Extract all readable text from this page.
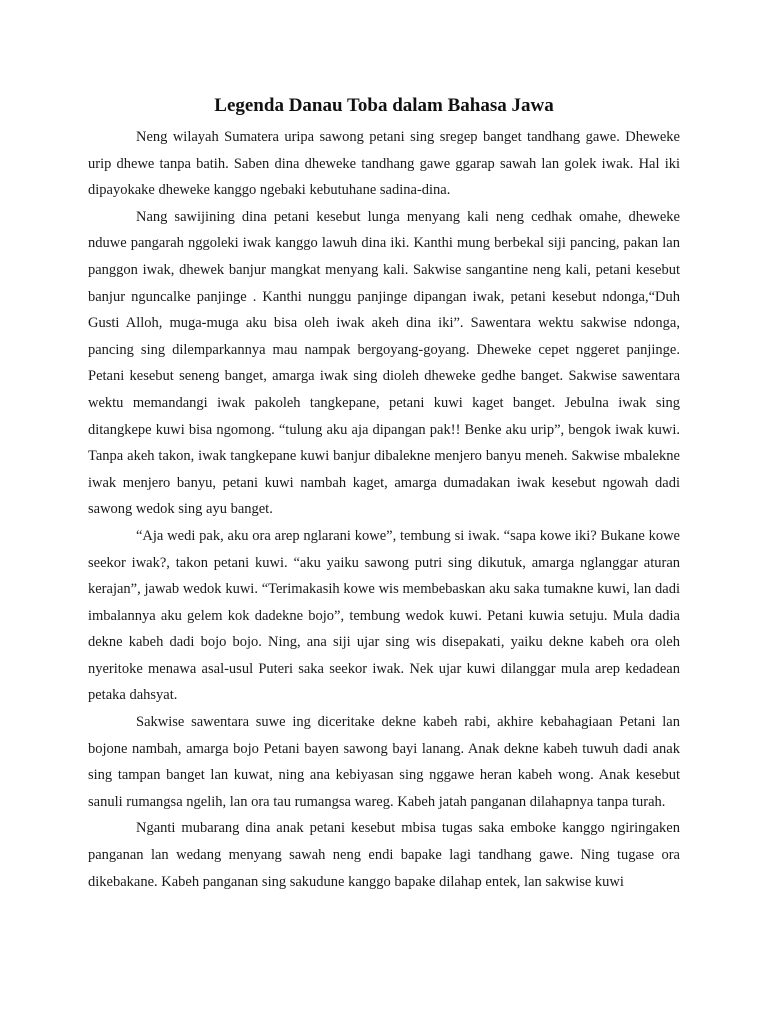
Legenda Danau Toba dalam Bahasa Jawa

Neng wilayah Sumatera uripa sawong petani sing sregep banget tandhang gawe. Dheweke urip dhewe tanpa batih. Saben dina dheweke tandhang gawe ggarap sawah lan golek iwak. Hal iki dipayokake dheweke kanggo ngebaki kebutuhane sadina-dina.

Nang sawijining dina petani kesebut lunga menyang kali neng cedhak omahe, dheweke nduwe pangarah nggoleki iwak kanggo lawuh dina iki. Kanthi mung berbekal siji pancing, pakan lan panggon iwak, dhewek banjur mangkat menyang kali. Sakwise sangantine neng kali, petani kesebut banjur nguncalke panjinge . Kanthi nunggu panjinge dipangan iwak, petani kesebut ndonga,“Duh Gusti Alloh, muga-muga aku bisa oleh iwak akeh dina iki”. Sawentara wektu sakwise ndonga, pancing sing dilemparkannya mau nampak bergoyang-goyang. Dheweke cepet nggeret panjinge. Petani kesebut seneng banget, amarga iwak sing dioleh dheweke gedhe banget. Sakwise sawentara wektu memandangi iwak pakoleh tangkepane, petani kuwi kaget banget. Jebulna iwak sing ditangkepe kuwi bisa ngomong. “tulung aku aja dipangan pak!! Benke aku urip”, bengok iwak kuwi. Tanpa akeh takon, iwak tangkepane kuwi banjur dibalekne menjero banyu meneh. Sakwise mbalekne iwak menjero banyu, petani kuwi nambah kaget, amarga dumadakan iwak kesebut ngowah dadi sawong wedok sing ayu banget.

“Aja wedi pak, aku ora arep nglarani kowe”, tembung si iwak. “sapa kowe iki? Bukane kowe seekor iwak?, takon petani kuwi. “aku yaiku sawong putri sing dikutuk, amarga nglanggar aturan kerajan”, jawab wedok kuwi. “Terimakasih kowe wis membebaskan aku saka tumakne kuwi, lan dadi imbalannya aku gelem kok dadekne bojo”, tembung wedok kuwi. Petani kuwia setuju. Mula dadia dekne kabeh dadi bojo bojo. Ning, ana siji ujar sing wis disepakati, yaiku dekne kabeh ora oleh nyeritoke menawa asal-usul Puteri saka seekor iwak. Nek ujar kuwi dilanggar mula arep kedadean petaka dahsyat.

Sakwise sawentara suwe ing diceritake dekne kabeh rabi, akhire kebahagiaan Petani lan bojone nambah, amarga bojo Petani bayen sawong bayi lanang. Anak dekne kabeh tuwuh dadi anak sing tampan banget lan kuwat, ning ana kebiyasan sing nggawe heran kabeh wong. Anak kesebut sanuli rumangsa ngelih, lan ora tau rumangsa wareg. Kabeh jatah panganan dilahapnya tanpa turah.

Nganti mubarang dina anak petani kesebut mbisa tugas saka emboke kanggo ngiringaken panganan lan wedang menyang sawah neng endi bapake lagi tandhang gawe. Ning tugase ora dikebakane. Kabeh panganan sing sakudune kanggo bapake dilahap entek, lan sakwise kuwi
